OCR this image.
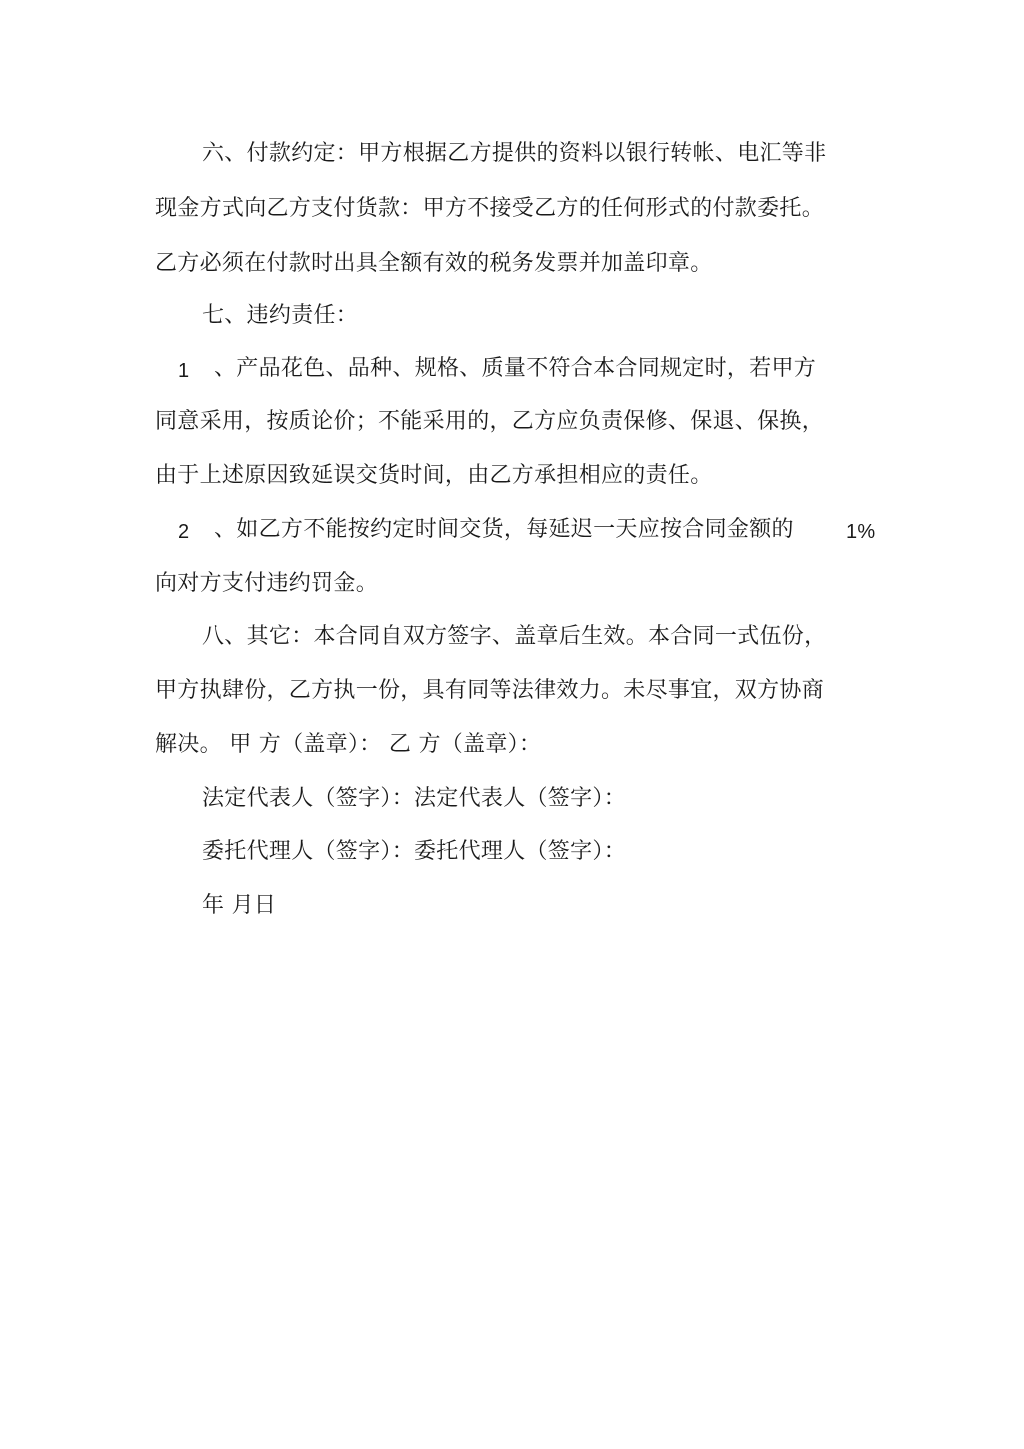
六、付款约定：甲方根据乙方提供的资料以银行转帐、电汇等非
现金方式向乙方支付货款：甲方不接受乙方的任何形式的付款委托。
乙方必须在付款时出具全额有效的税务发票并加盖印章。
七、违约责任：
1 、产品花色、品种、规格、质量不符合本合同规定时，若甲方
同意采用，按质论价；不能采用的，乙方应负责保修、保退、保换，
由于上述原因致延误交货时间，由乙方承担相应的责任。
2 、如乙方不能按约定时间交货，每延迟一天应按合同金额的	1%
向对方支付违约罚金。
八、其它：本合同自双方签字、盖章后生效。本合同一式伍份，
甲方执肆份，乙方执一份，具有同等法律效力。未尽事宜，双方协商
解决。 甲 方（盖章）： 乙 方（盖章）：
法定代表人（签字）：法定代表人（签字）：
委托代理人（签字）：委托代理人（签字）：
年 月日
